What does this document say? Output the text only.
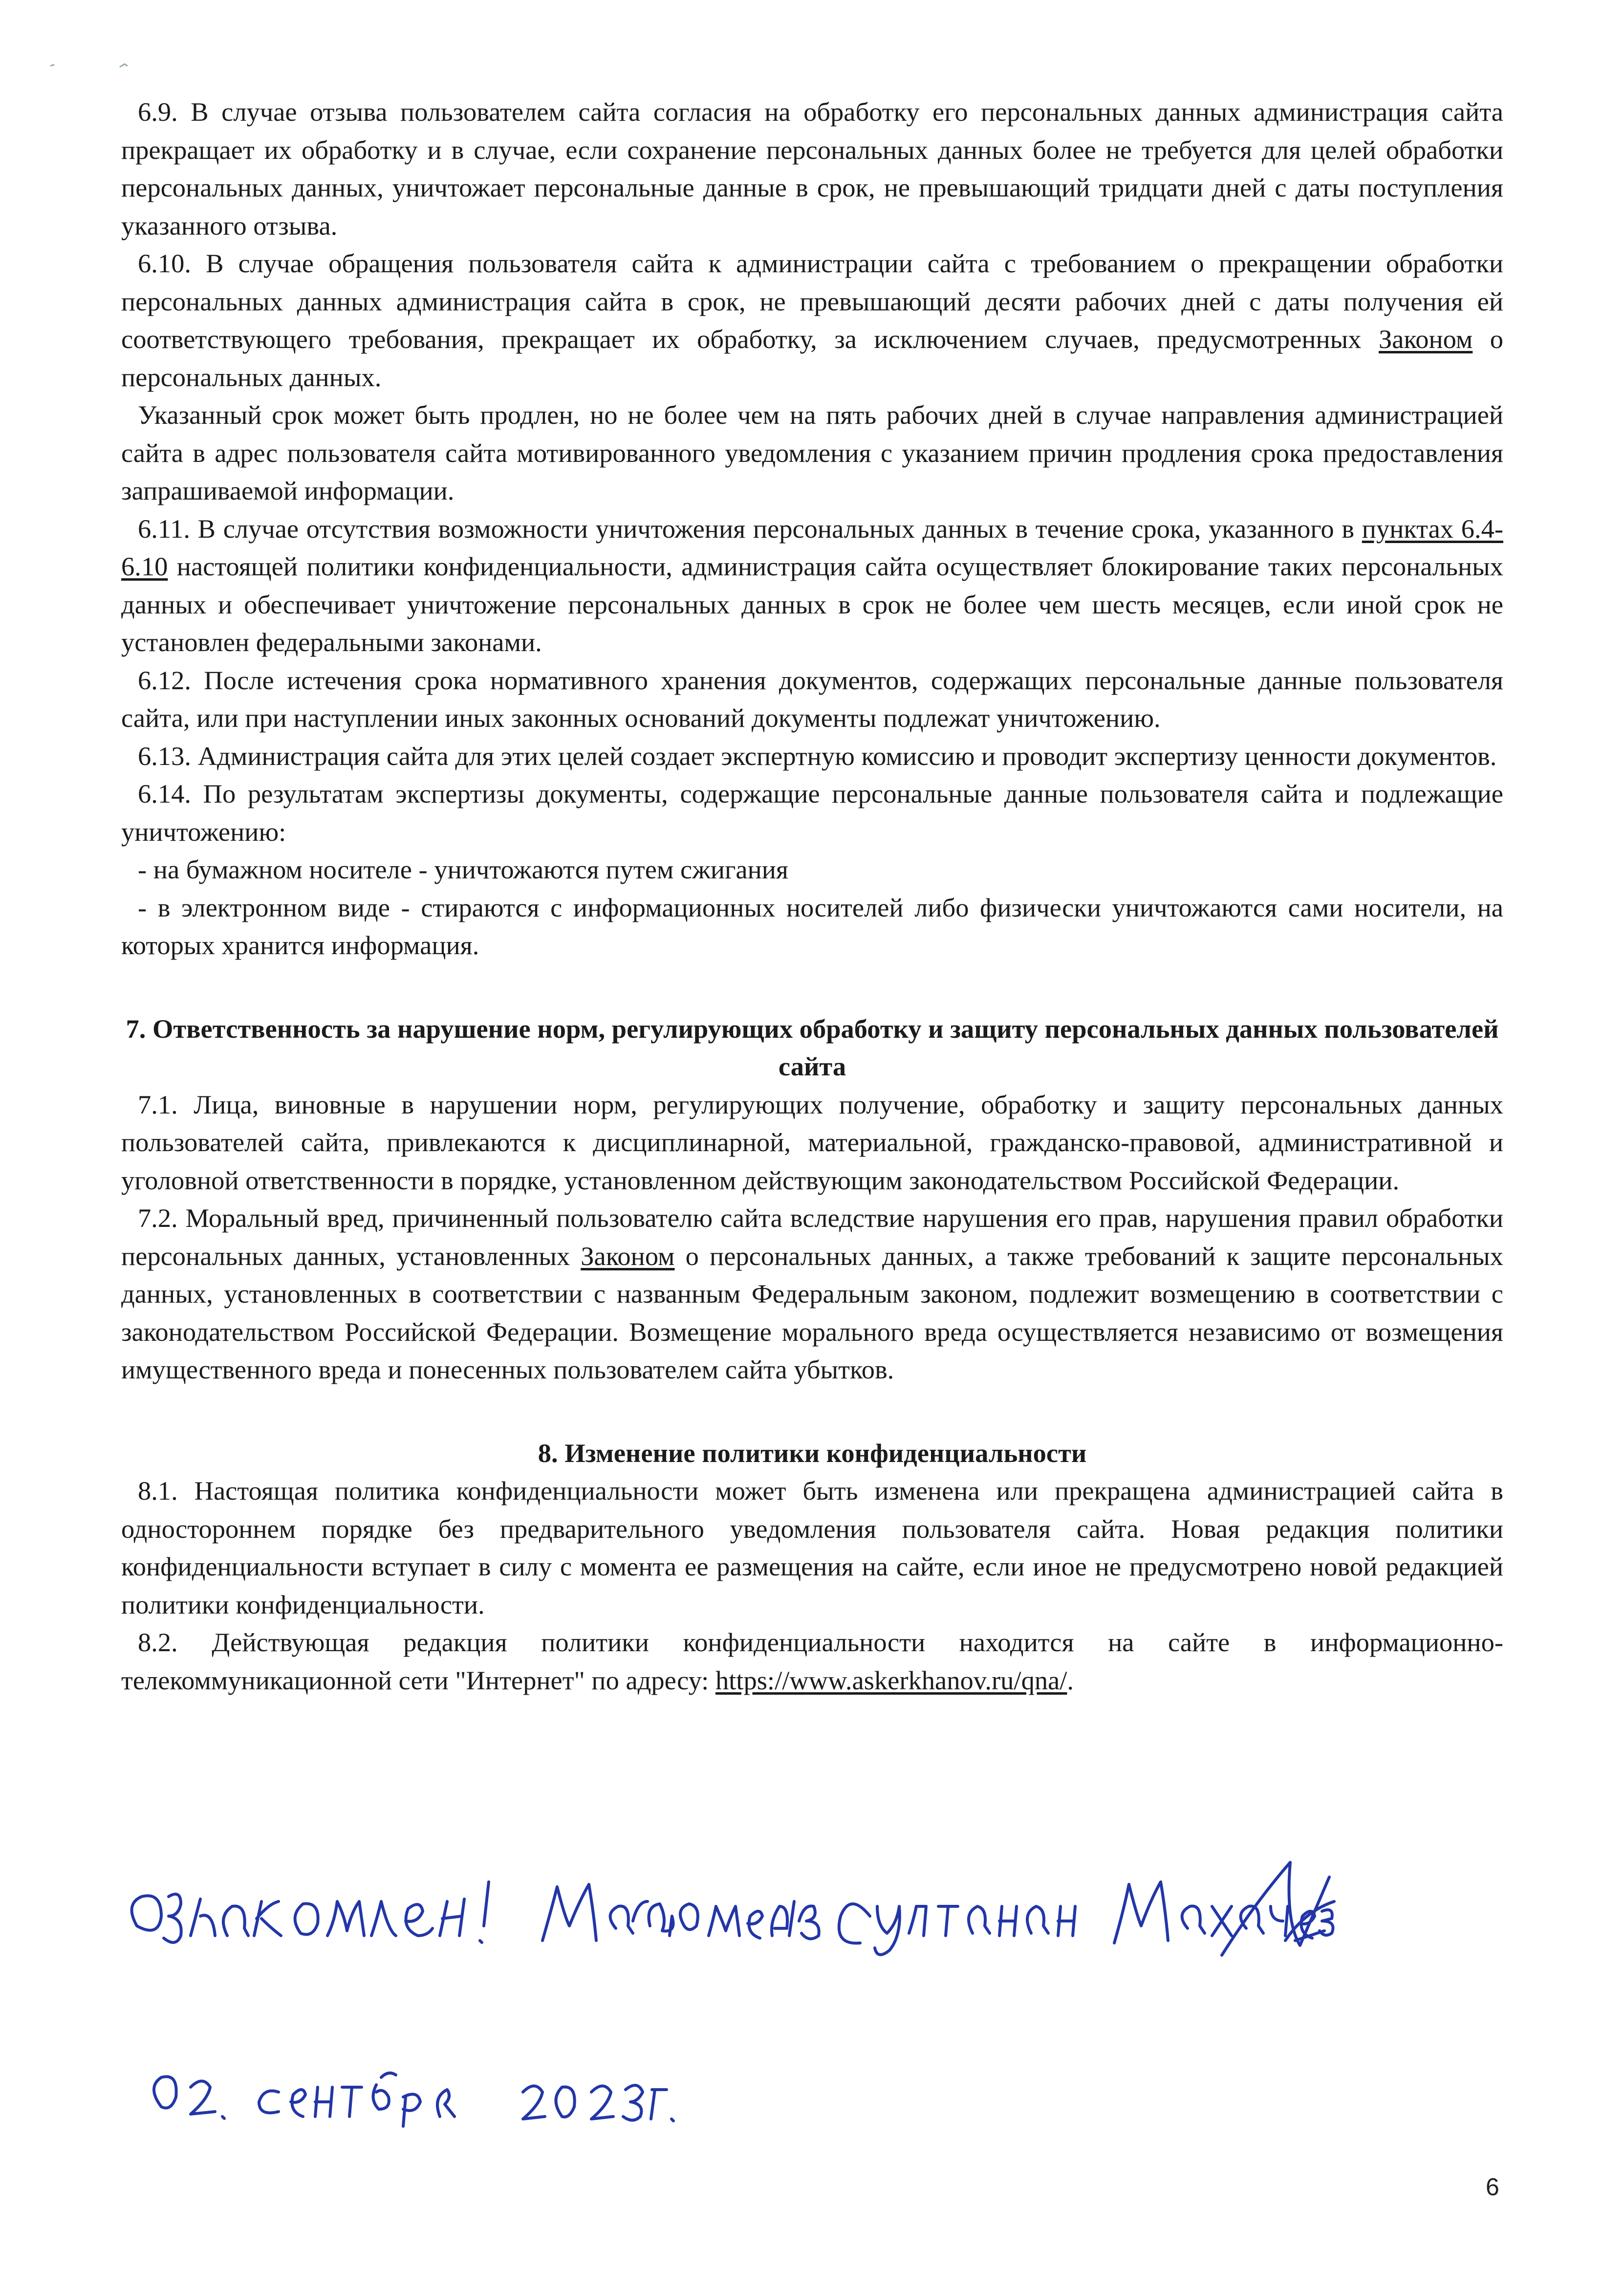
6.9. В случае отзыва пользователем сайта согласия на обработку его персональных данных администрация сайта прекращает их обработку и в случае, если сохранение персональных данных более не требуется для целей обработки персональных данных, уничтожает персональные данные в срок, не превышающий тридцати дней с даты поступления указанного отзыва.

6.10. В случае обращения пользователя сайта к администрации сайта с требованием о прекращении обработки персональных данных администрация сайта в срок, не превышающий десяти рабочих дней с даты получения ей соответствующего требования, прекращает их обработку, за исключением случаев, предусмотренных Законом о персональных данных.

Указанный срок может быть продлен, но не более чем на пять рабочих дней в случае направления администрацией сайта в адрес пользователя сайта мотивированного уведомления с указанием причин продления срока предоставления запрашиваемой информации.

6.11. В случае отсутствия возможности уничтожения персональных данных в течение срока, указанного в пунктах 6.4-6.10 настоящей политики конфиденциальности, администрация сайта осуществляет блокирование таких персональных данных и обеспечивает уничтожение персональных данных в срок не более чем шесть месяцев, если иной срок не установлен федеральными законами.

6.12. После истечения срока нормативного хранения документов, содержащих персональные данные пользователя сайта, или при наступлении иных законных оснований документы подлежат уничтожению.

6.13. Администрация сайта для этих целей создает экспертную комиссию и проводит экспертизу ценности документов.

6.14. По результатам экспертизы документы, содержащие персональные данные пользователя сайта и подлежащие уничтожению:

- на бумажном носителе - уничтожаются путем сжигания

- в электронном виде - стираются с информационных носителей либо физически уничтожаются сами носители, на которых хранится информация.

7. Ответственность за нарушение норм, регулирующих обработку и защиту персональных данных пользователей сайта

7.1. Лица, виновные в нарушении норм, регулирующих получение, обработку и защиту персональных данных пользователей сайта, привлекаются к дисциплинарной, материальной, гражданско-правовой, административной и уголовной ответственности в порядке, установленном действующим законодательством Российской Федерации.

7.2. Моральный вред, причиненный пользователю сайта вследствие нарушения его прав, нарушения правил обработки персональных данных, установленных Законом о персональных данных, а также требований к защите персональных данных, установленных в соответствии с названным Федеральным законом, подлежит возмещению в соответствии с законодательством Российской Федерации. Возмещение морального вреда осуществляется независимо от возмещения имущественного вреда и понесенных пользователем сайта убытков.

8. Изменение политики конфиденциальности

8.1. Настоящая политика конфиденциальности может быть изменена или прекращена администрацией сайта в одностороннем порядке без предварительного уведомления пользователя сайта. Новая редакция политики конфиденциальности вступает в силу с момента ее размещения на сайте, если иное не предусмотрено новой редакцией политики конфиденциальности.

8.2. Действующая редакция политики конфиденциальности находится на сайте в информационно-телекоммуникационной сети "Интернет" по адресу: https://www.askerkhanov.ru/qna/.

6
